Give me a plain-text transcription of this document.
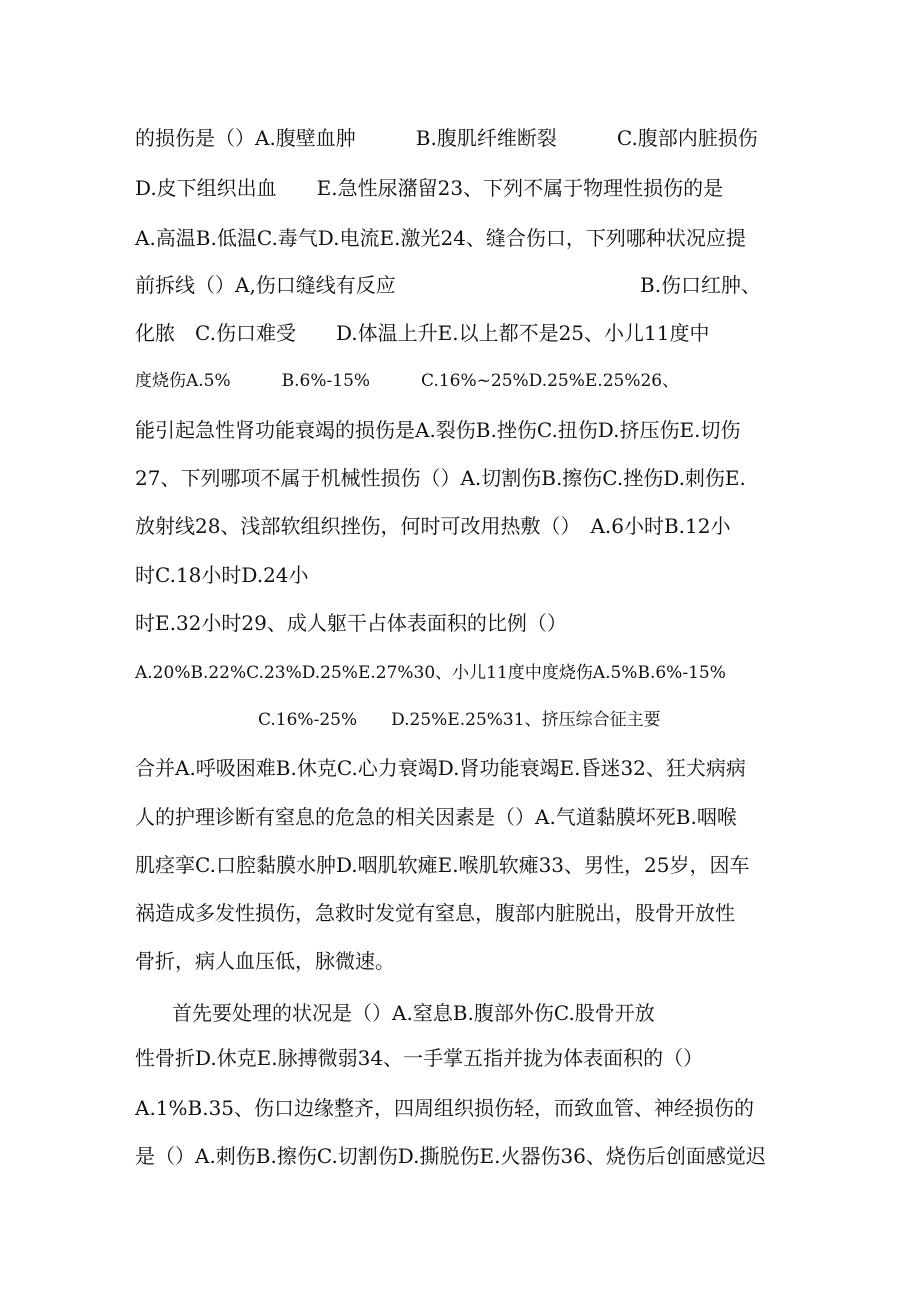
的损伤是（）A.腹壁血肿　　　B.腹肌纤维断裂　　　C.腹部内脏损伤
D.皮下组织出血　　E.急性尿潴留23、下列不属于物理性损伤的是
A.高温B.低温C.毒气D.电流E.激光24、缝合伤口，下列哪种状况应提
前拆线（）A,伤口缝线有反应	B.伤口红肿、
化脓　C.伤口难受　　D.体温上升E.以上都不是25、小儿11度中
度烧伤A.5%　　　B.6%-15%　　　C.16%~25%D.25%E.25%26、
能引起急性肾功能衰竭的损伤是A.裂伤B.挫伤C.扭伤D.挤压伤E.切伤
27、下列哪项不属于机械性损伤（）A.切割伤B.擦伤C.挫伤D.刺伤E.
放射线28、浅部软组织挫伤，何时可改用热敷（）　A.6小时B.12小
时C.18小时D.24小
时E.32小时29、成人躯干占体表面积的比例（）
A.20%B.22%C.23%D.25%E.27%30、小儿11度中度烧伤A.5%B.6%-15%
C.16%-25%　　D.25%E.25%31、挤压综合征主要
合并A.呼吸困难B.休克C.心力衰竭D.肾功能衰竭E.昏迷32、狂犬病病
人的护理诊断有窒息的危急的相关因素是（）A.气道黏膜坏死B.咽喉
肌痉挛C.口腔黏膜水肿D.咽肌软瘫E.喉肌软瘫33、男性，25岁，因车
祸造成多发性损伤，急救时发觉有窒息，腹部内脏脱出，股骨开放性
骨折，病人血压低，脉微速。
首先要处理的状况是（）A.窒息B.腹部外伤C.股骨开放
性骨折D.休克E.脉搏微弱34、一手掌五指并拢为体表面积的（）
A.1%B.35、伤口边缘整齐，四周组织损伤轻，而致血管、神经损伤的
是（）A.刺伤B.擦伤C.切割伤D.撕脱伤E.火器伤36、烧伤后创面感觉迟
